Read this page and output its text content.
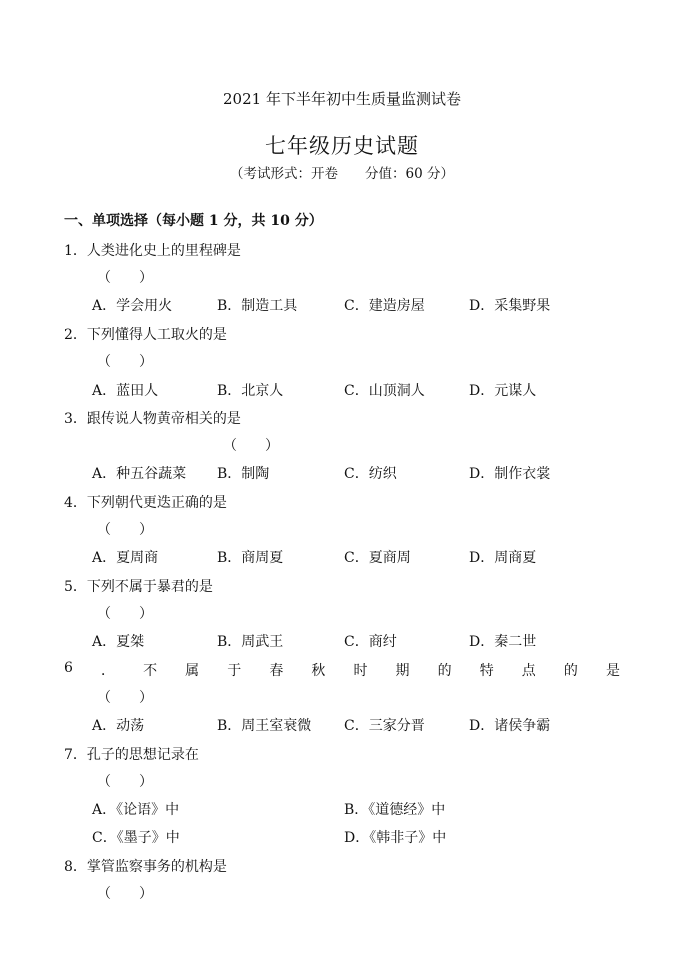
2021 年下半年初中生质量监测试卷
七年级历史试题
（考试形式：开卷　　分值：60 分）
一、单项选择（每小题 1 分，共 10 分）
1．人类进化史上的里程碑是
（　　）
A．学会用火	B．制造工具	C．建造房屋	D．采集野果
2．下列懂得人工取火的是
（　　）
A．蓝田人	B．北京人	C．山顶洞人	D．元谋人
3．跟传说人物黄帝相关的是
（　　）
A．种五谷蔬菜 B．制陶	C．纺织	D．制作衣裳
4．下列朝代更迭正确的是
（　　）
A．夏周商	B．商周夏	C．夏商周	D．周商夏
5．下列不属于暴君的是
（　　）
A．夏桀	B．周武王	C．商纣	D．秦二世
6 ． 不 属 于 春 秋 时 期 的 特 点 的 是
（　　）
A．动荡	B．周王室衰微 C．三家分晋	D．诸侯争霸
7．孔子的思想记录在
（　　）
A．《论语》中	B．《道德经》中
C．《墨子》中	D．《韩非子》中
8．掌管监察事务的机构是
（　　）
